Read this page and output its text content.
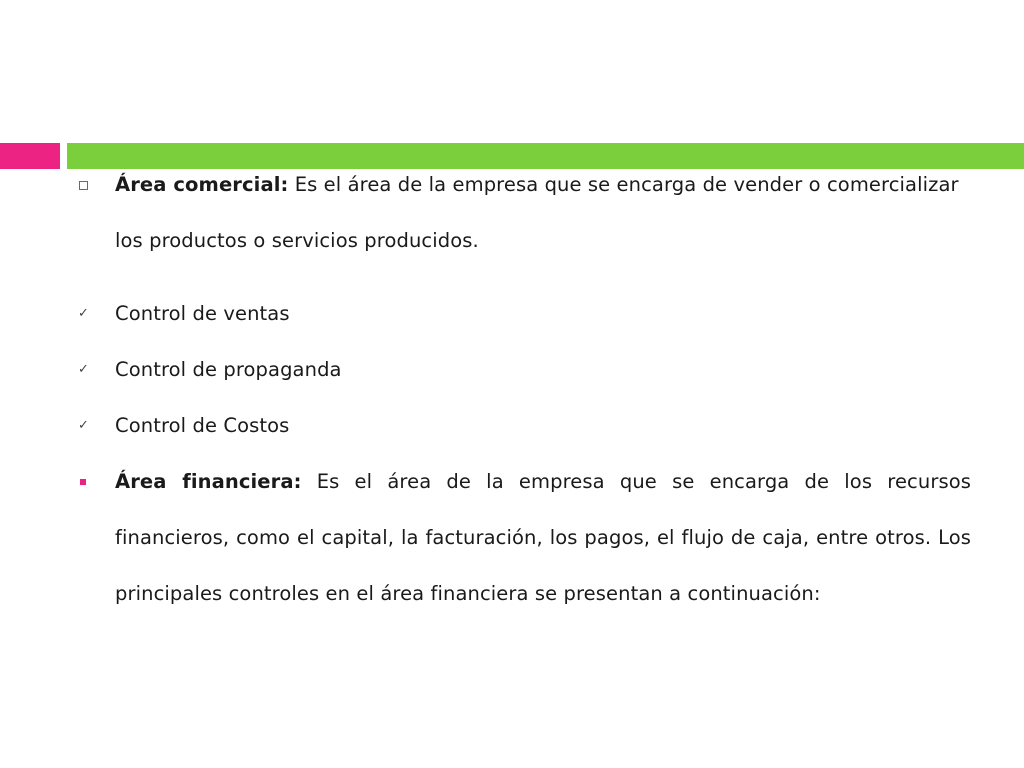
Área comercial: Es el área de la empresa que se encarga de vender o comercializar los productos o servicios producidos.
✓ Control de ventas
✓ Control de propaganda
✓ Control de Costos
Área financiera: Es el área de la empresa que se encarga de los recursos financieros, como el capital, la facturación, los pagos, el flujo de caja, entre otros. Los principales controles en el área financiera se presentan a continuación:
